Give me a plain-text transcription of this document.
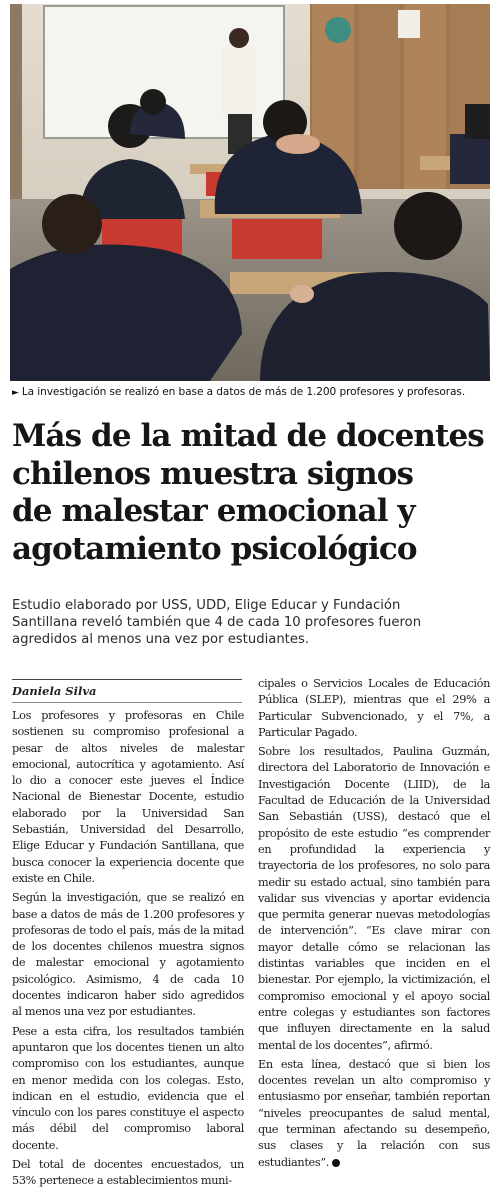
► La investigación se realizó en base a datos de más de 1.200 profesores y profesoras.
Más de la mitad de docentes
chilenos muestra signos
de malestar emocional y
agotamiento psicológico

Estudio elaborado por USS, UDD, Elige Educar y Fundación
Santillana reveló también que 4 de cada 10 profesores fueron
agredidos al menos una vez por estudiantes.

Daniela Silva

Los profesores y profesoras en Chile sostienen su compromiso profesional a pesar de altos niveles de malestar emocional, autocrítica y agotamiento. Así lo dio a conocer este jueves el Índice Nacional de Bienestar Docente, estudio elaborado por la Universidad San Sebastián, Universidad del Desarrollo, Elige Educar y Fundación Santillana, que busca conocer la experiencia docente que existe en Chile.

Según la investigación, que se realizó en base a datos de más de 1.200 profesores y profesoras de todo el país, más de la mitad de los docentes chilenos muestra signos de malestar emocional y agotamiento psicológico. Asimismo, 4 de cada 10 docentes indicaron haber sido agredidos al menos una vez por estudiantes.

Pese a esta cifra, los resultados también apuntaron que los docentes tienen un alto compromiso con los estudiantes, aunque en menor medida con los colegas. Esto, indican en el estudio, evidencia que el vínculo con los pares constituye el aspecto más débil del compromiso laboral docente.

Del total de docentes encuestados, un 53% pertenece a establecimientos muni-

cipales o Servicios Locales de Educación Pública (SLEP), mientras que el 29% a Particular Subvencionado, y el 7%, a Particular Pagado.

Sobre los resultados, Paulina Guzmán, directora del Laboratorio de Innovación e Investigación Docente (LIID), de la Facultad de Educación de la Universidad San Sebastián (USS), destacó que el propósito de este estudio “es comprender en profundidad la experiencia y trayectoria de los profesores, no solo para medir su estado actual, sino también para validar sus vivencias y aportar evidencia que permita generar nuevas metodologías de intervención”. “Es clave mirar con mayor detalle cómo se relacionan las distintas variables que inciden en el bienestar. Por ejemplo, la victimización, el compromiso emocional y el apoyo social entre colegas y estudiantes son factores que influyen directamente en la salud mental de los docentes”, afirmó.

En esta línea, destacó que si bien los docentes revelan un alto compromiso y entusiasmo por enseñar, también reportan “niveles preocupantes de salud mental, que terminan afectando su desempeño, sus clases y la relación con sus estudiantes”.
